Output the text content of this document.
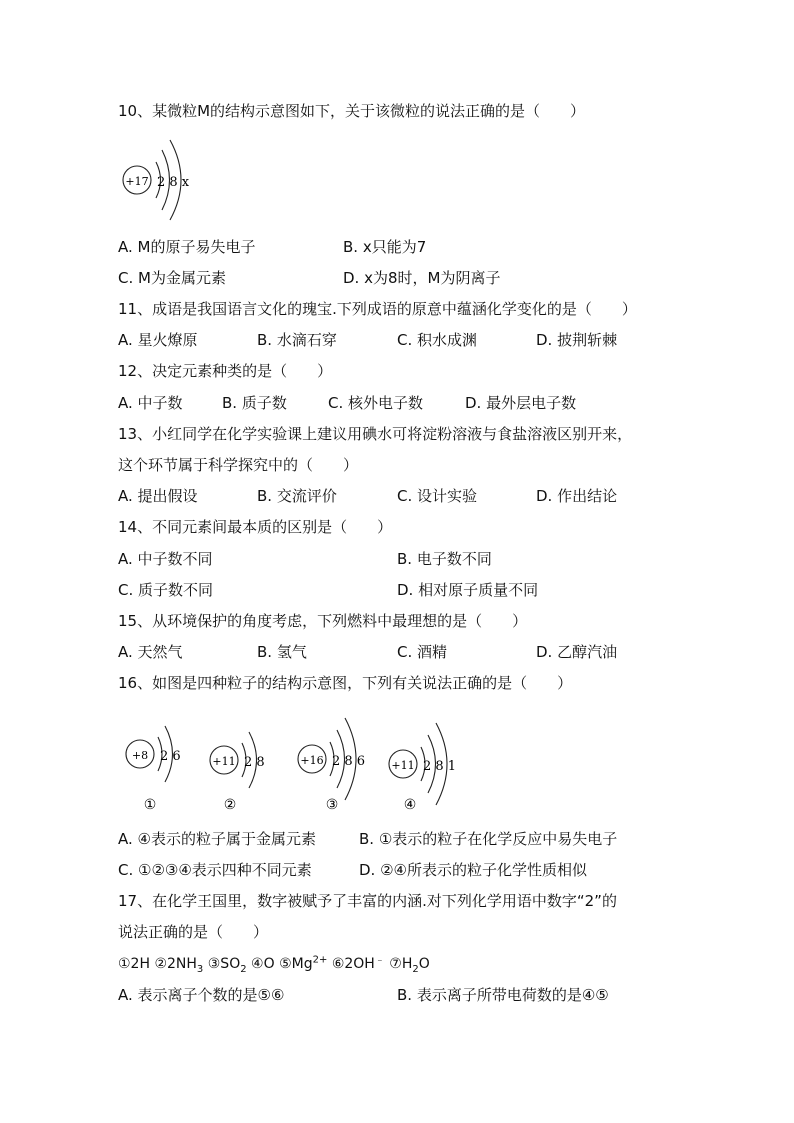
10、某微粒M的结构示意图如下，关于该微粒的说法正确的是（　　）
+17 2 8 x
A. M的原子易失电子	B. x只能为7
C. M为金属元素	D. x为8时，M为阴离子
11、成语是我国语言文化的瑰宝.下列成语的原意中蕴涵化学变化的是（　　）
A. 星火燎原	B. 水滴石穿	C. 积水成渊	D. 披荆斩棘
12、决定元素种类的是（　　）
A. 中子数	B. 质子数	C. 核外电子数	D. 最外层电子数
13、小红同学在化学实验课上建议用碘水可将淀粉溶液与食盐溶液区别开来，
这个环节属于科学探究中的（　　）
A. 提出假设	B. 交流评价	C. 设计实验	D. 作出结论
14、不同元素间最本质的区别是（　　）
A. 中子数不同	B. 电子数不同
C. 质子数不同	D. 相对原子质量不同
15、从环境保护的角度考虑，下列燃料中最理想的是（　　）
A. 天然气	B. 氢气	C. 酒精	D. 乙醇汽油
16、如图是四种粒子的结构示意图，下列有关说法正确的是（　　）
+8 2 6
①
+11 2 8
②
+16 2 8 6
③
+11 2 8 1
④
A. ④表示的粒子属于金属元素	B. ①表示的粒子在化学反应中易失电子
C. ①②③④表示四种不同元素	D. ②④所表示的粒子化学性质相似
17、在化学王国里，数字被赋予了丰富的内涵.对下列化学用语中数字“2”的
说法正确的是（　　）
①2H $②2NH_3$ $③SO_2$ ④O $⑤Mg^{2+}$ ⑥2OH﹣ $⑦H_2O$
A. 表示离子个数的是⑤⑥	B. 表示离子所带电荷数的是④⑤
